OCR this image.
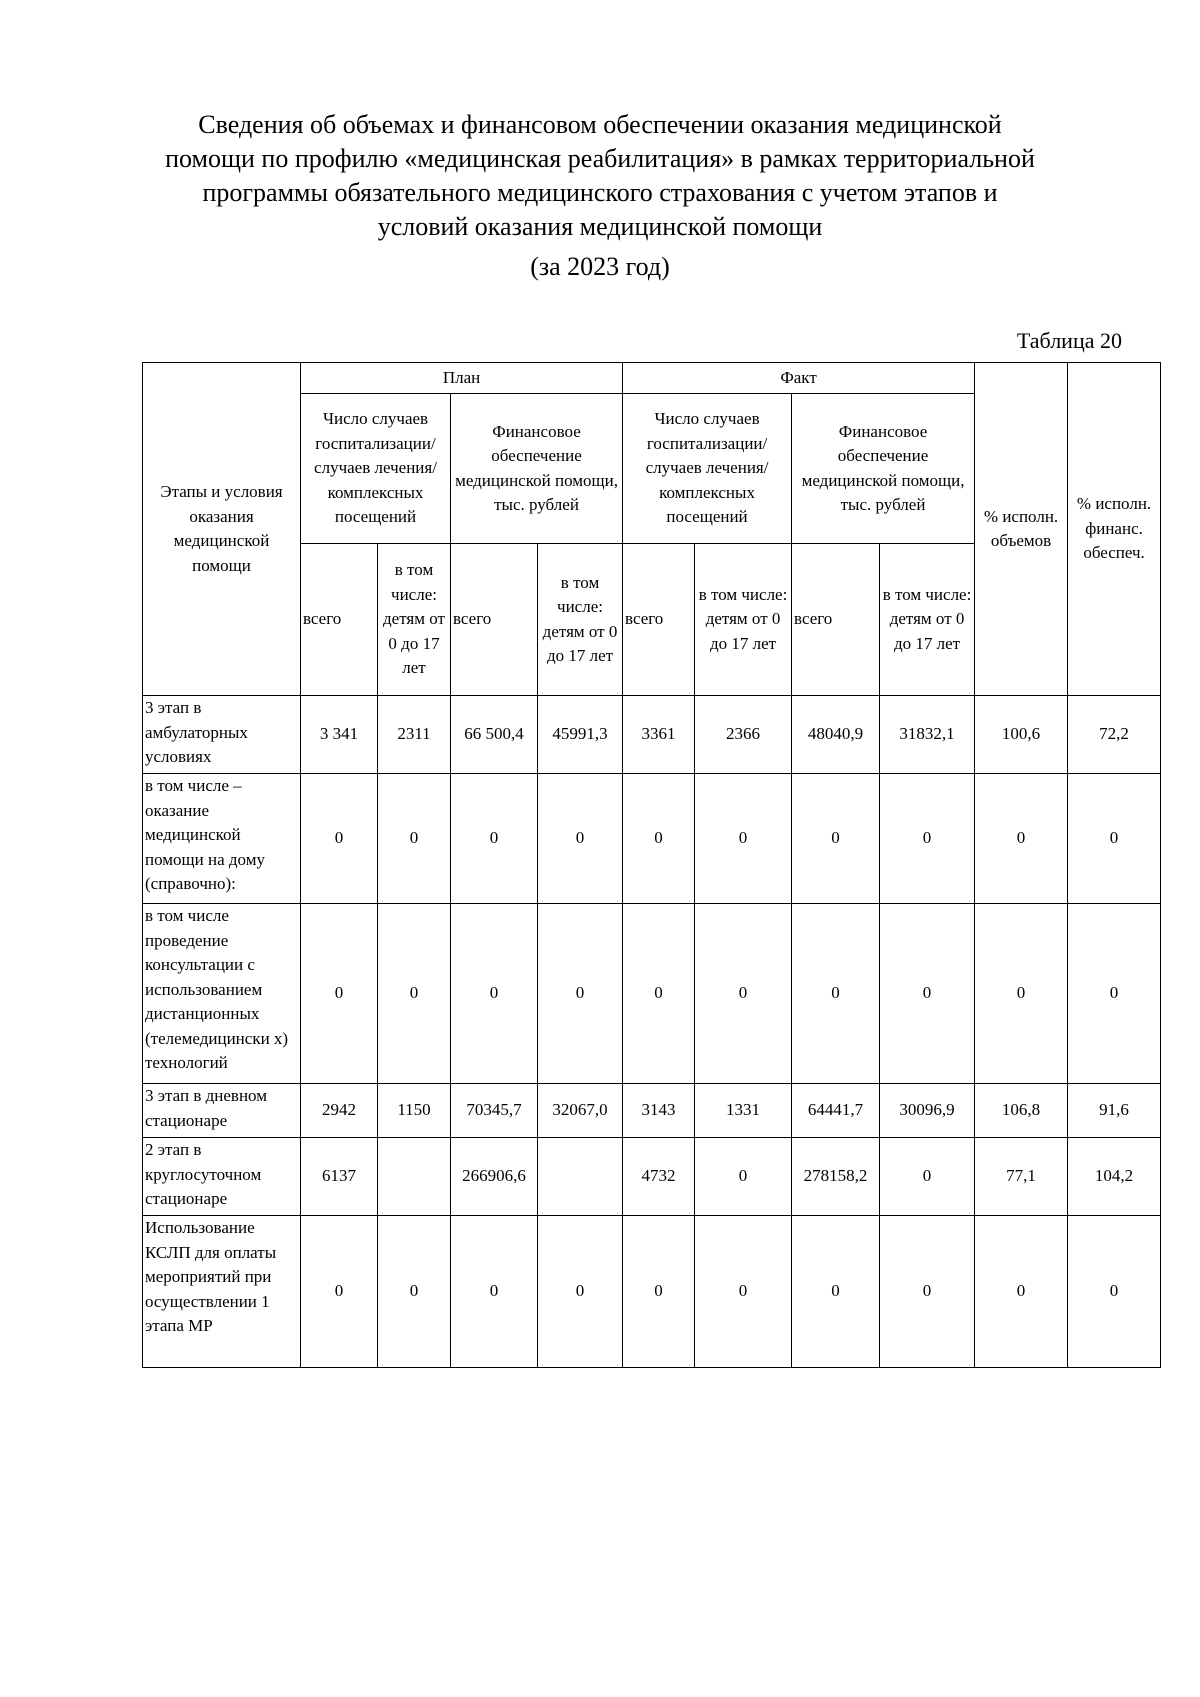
Сведения об объемах и финансовом обеспечении оказания медицинской
помощи по профилю «медицинская реабилитация» в рамках территориальной
программы обязательного медицинского страхования с учетом этапов и
условий оказания медицинской помощи
(за 2023 год)
Таблица 20
Этапы и условия оказания медицинской помощи	План				Факт				% исполн. объемов	% исполн. финанс. обеспеч.
	Число случаев госпитализации/ случаев лечения/ комплексных посещений		Финансовое обеспечение медицинской помощи, тыс. рублей		Число случаев госпитализации/ случаев лечения/ комплексных посещений		Финансовое обеспечение медицинской помощи, тыс. рублей			
	всего	в том числе: детям от 0 до 17 лет	всего	в том числе: детям от 0 до 17 лет	всего	в том числе: детям от 0 до 17 лет	всего	в том числе: детям от 0 до 17 лет		
3 этап в амбулаторных условиях	3 341	2311	66 500,4	45991,3	3361	2366	48040,9	31832,1	100,6	72,2
в том числе – оказание медицинской помощи на дому (справочно):	0	0	0	0	0	0	0	0	0	0
в том числе проведение консультации с использованием дистанционных (телемедицински х) технологий	0	0	0	0	0	0	0	0	0	0
3 этап в дневном стационаре	2942	1150	70345,7	32067,0	3143	1331	64441,7	30096,9	106,8	91,6
2 этап в круглосуточном стационаре	6137		266906,6		4732	0	278158,2	0	77,1	104,2
Использование КСЛП для оплаты мероприятий при осуществлении 1 этапа МР	0	0	0	0	0	0	0	0	0	0
